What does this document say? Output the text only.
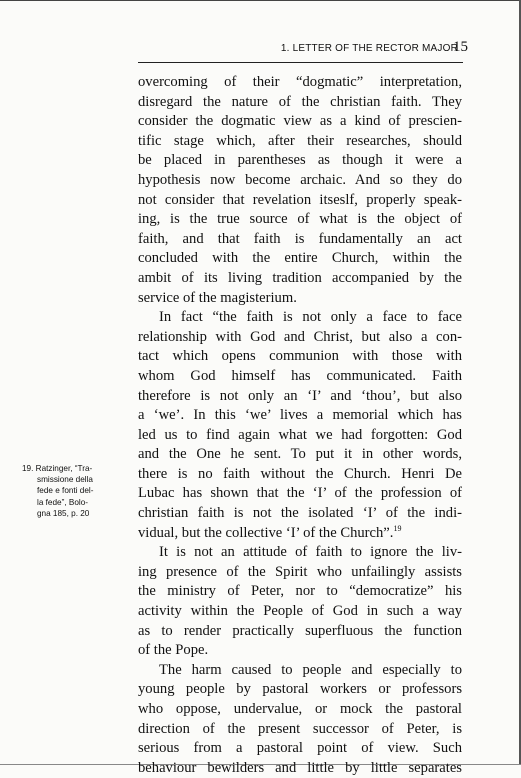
1. LETTER OF THE RECTOR MAJOR
15
overcoming of their “dogmatic” interpretation,
disregard the nature of the christian faith. They
consider the dogmatic view as a kind of prescien-
tific stage which, after their researches, should
be placed in parentheses as though it were a
hypothesis now become archaic. And so they do
not consider that revelation itseslf, properly speak-
ing, is the true source of what is the object of
faith, and that faith is fundamentally an act
concluded with the entire Church, within the
ambit of its living tradition accompanied by the
service of the magisterium.
In fact “the faith is not only a face to face
relationship with God and Christ, but also a con-
tact which opens communion with those with
whom God himself has communicated. Faith
therefore is not only an ‘I’ and ‘thou’, but also
a ‘we’. In this ‘we’ lives a memorial which has
led us to find again what we had forgotten: God
and the One he sent. To put it in other words,
there is no faith without the Church. Henri De
Lubac has shown that the ‘I’ of the profession of
christian faith is not the isolated ‘I’ of the indi-
vidual, but the collective ‘I’ of the Church”.$^{19}$
It is not an attitude of faith to ignore the liv-
ing presence of the Spirit who unfailingly assists
the ministry of Peter, nor to “democratize” his
activity within the People of God in such a way
as to render practically superfluous the function
of the Pope.
The harm caused to people and especially to
young people by pastoral workers or professors
who oppose, undervalue, or mock the pastoral
direction of the present successor of Peter, is
serious from a pastoral point of view. Such
behaviour bewilders and little by little separates
19. Ratzinger, “Tra-
smissione della
fede e fonti del-
la fede”, Bolo-
gna 185, p. 20
